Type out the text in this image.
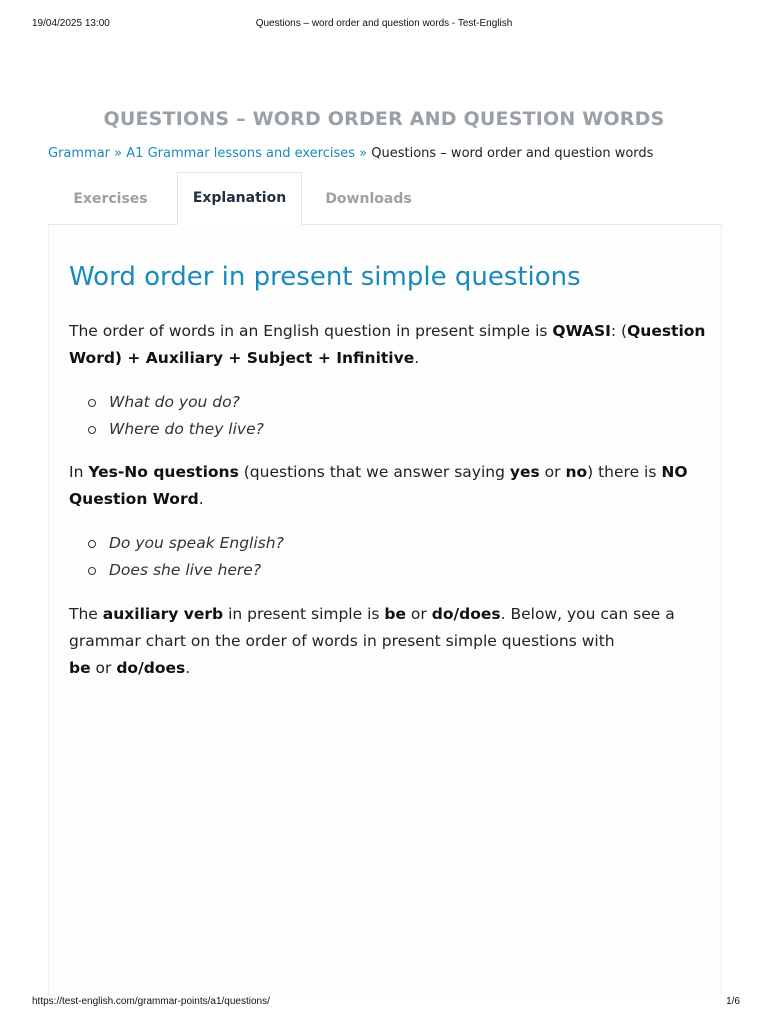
19/04/2025 13:00	Questions – word order and question words - Test-English
QUESTIONS – WORD ORDER AND QUESTION WORDS
Grammar » A1 Grammar lessons and exercises » Questions – word order and question words
Exercises	Explanation	Downloads
Word order in present simple questions

The order of words in an English question in present simple is QWASI: (Question Word) + Auxiliary + Subject + Infinitive.

What do you do?
Where do they live?

In Yes-No questions (questions that we answer saying yes or no) there is NO Question Word.

Do you speak English?
Does she live here?

The auxiliary verb in present simple is be or do/does. Below, you can see a grammar chart on the order of words in present simple questions with
be or do/does.

https://test-english.com/grammar-points/a1/questions/	1/6
